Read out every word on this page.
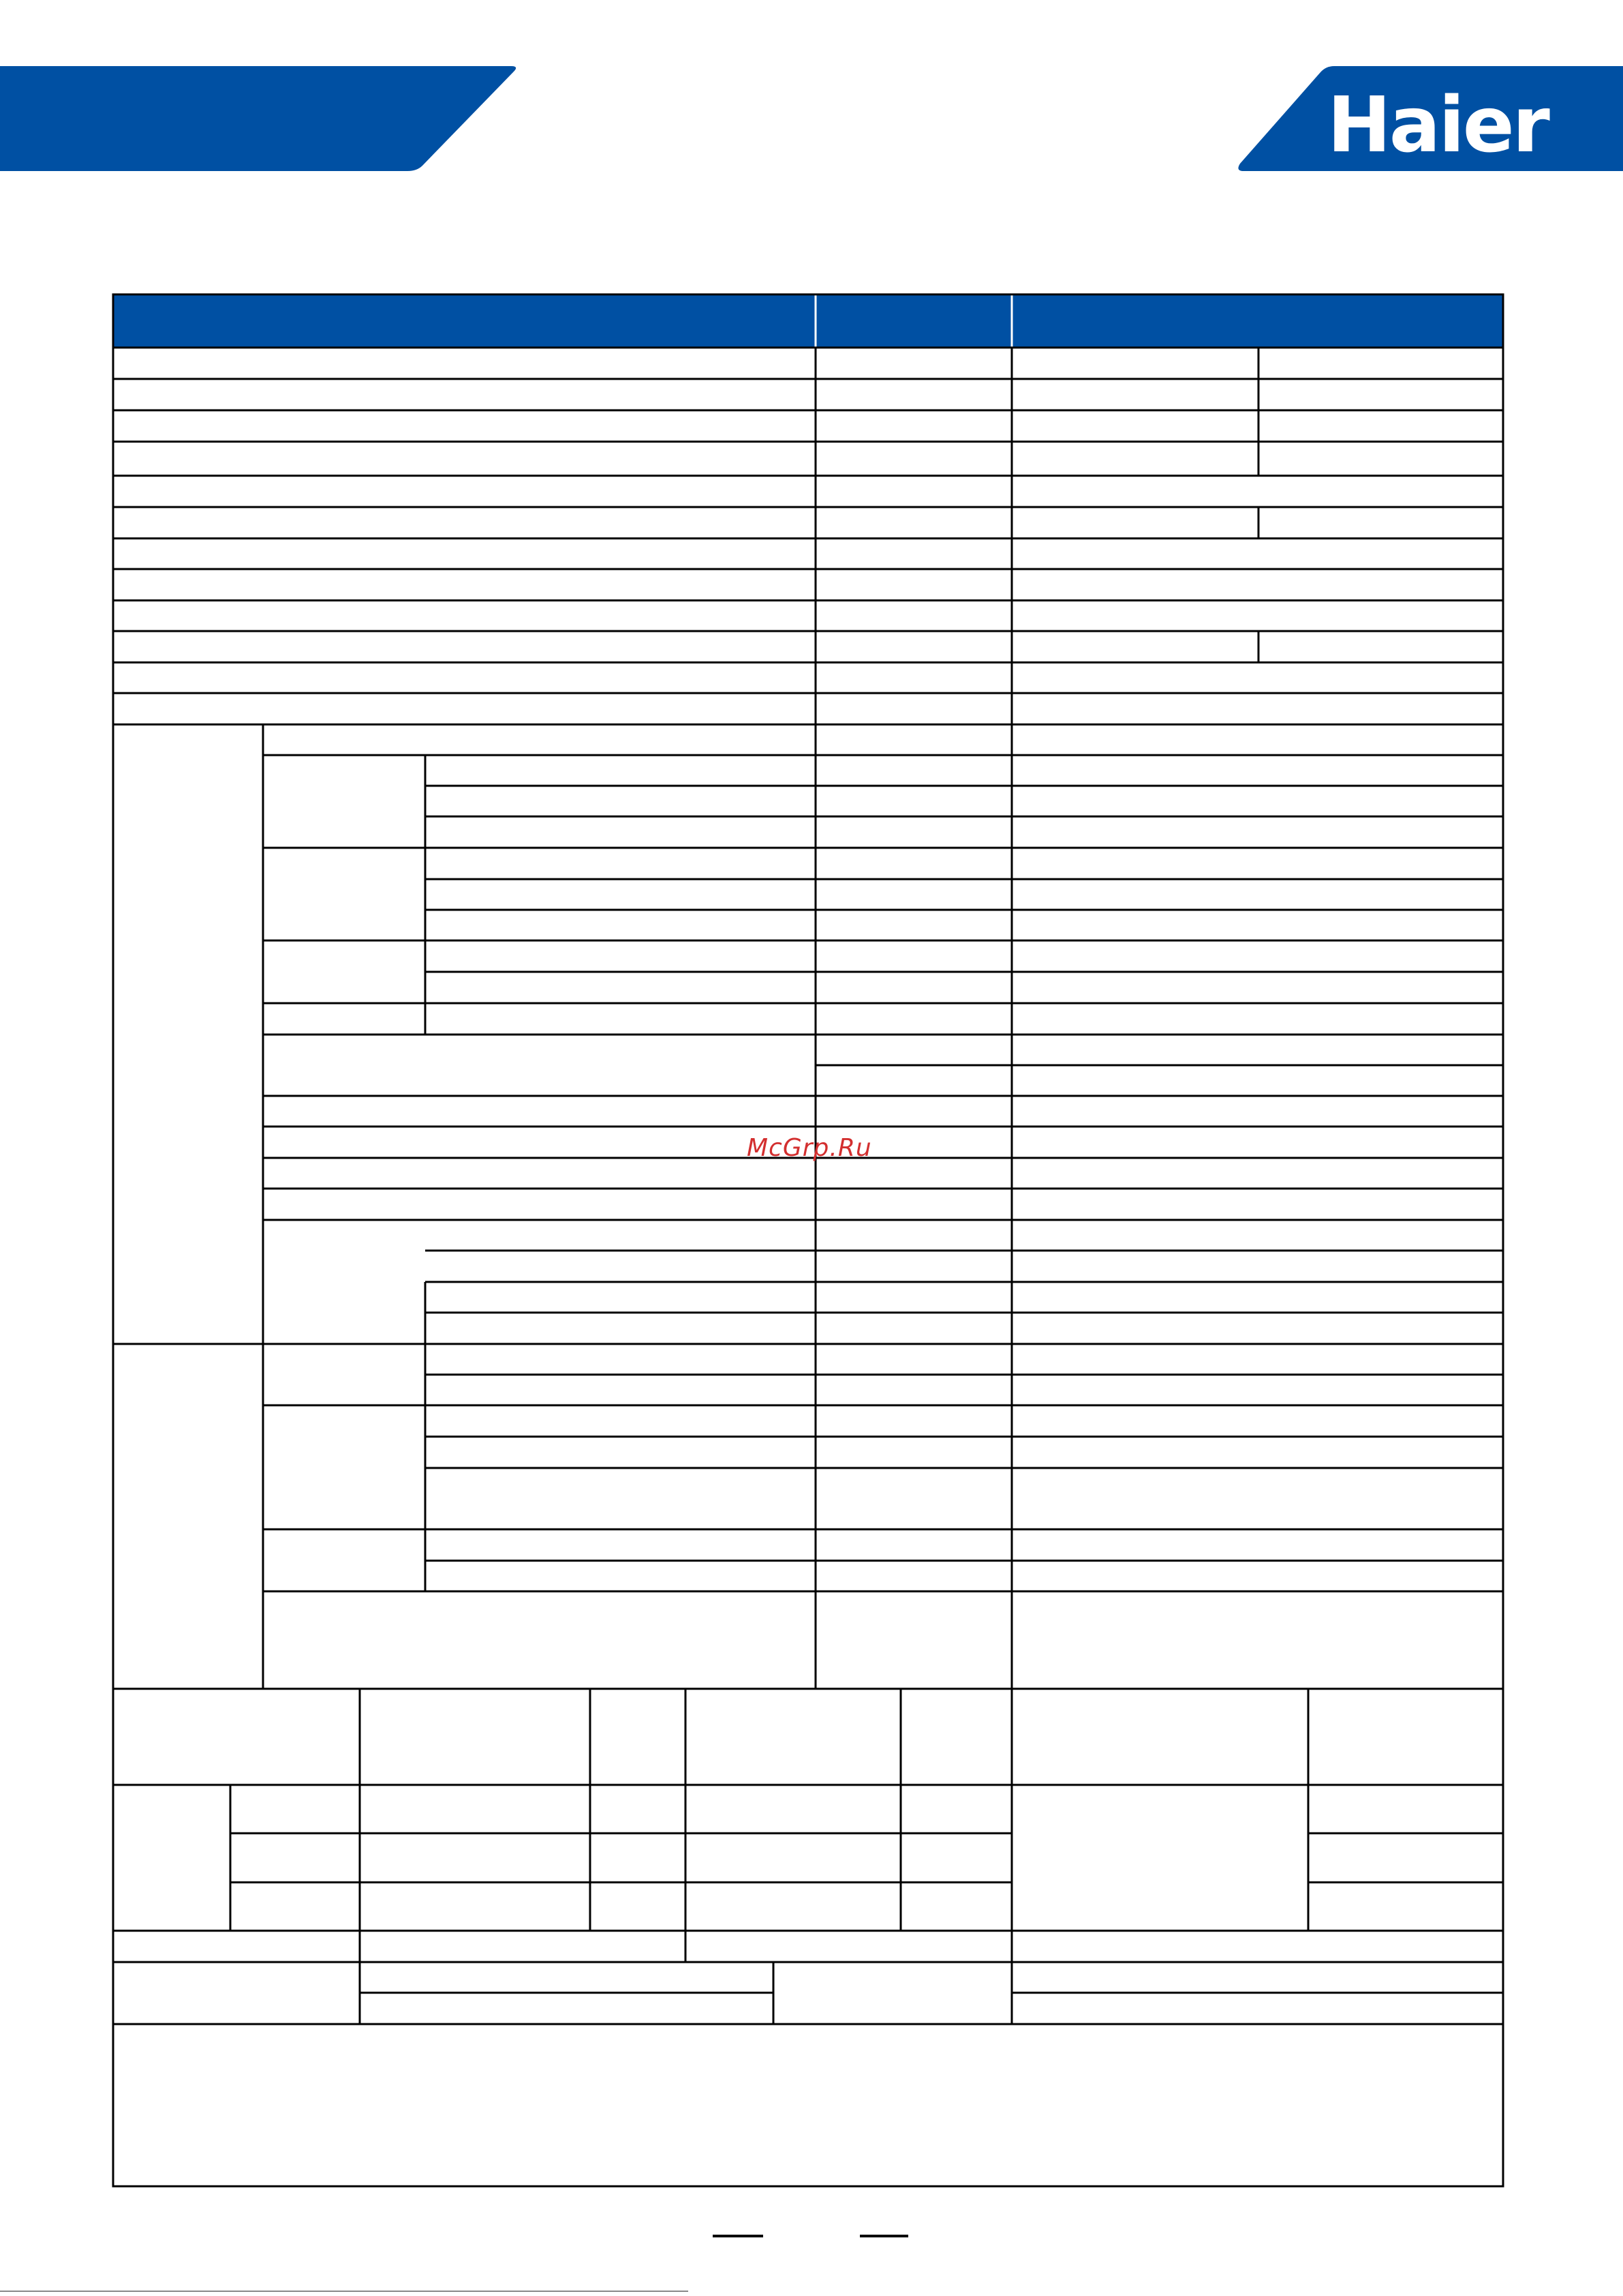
Haier
McGrp.Ru
